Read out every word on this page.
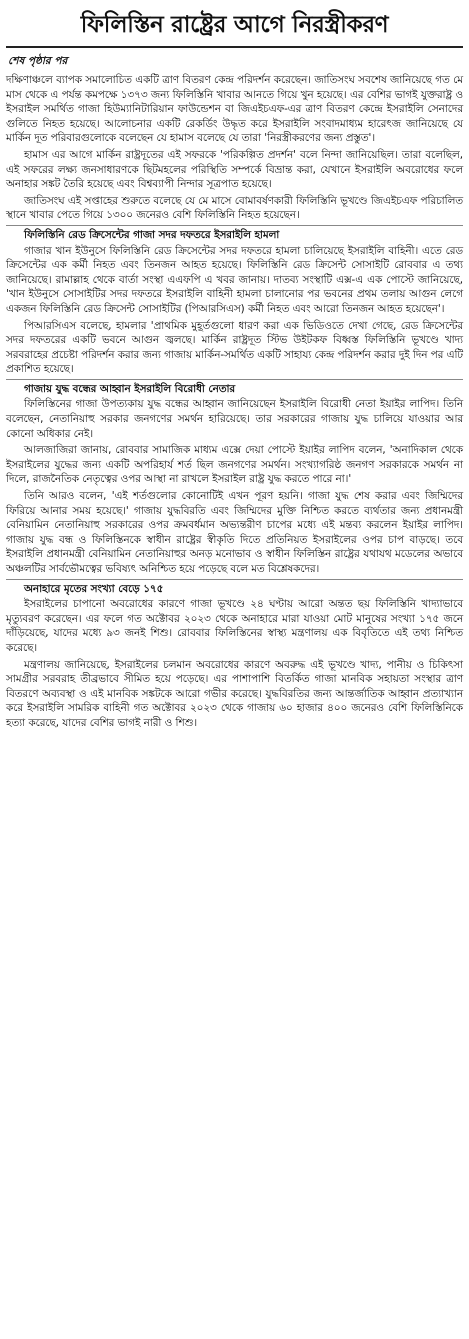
ফিলিস্তিন রাষ্ট্রের আগে নিরস্ত্রীকরণ
শেষ পৃষ্ঠার পর

দক্ষিণাঞ্চলে ব্যাপক সমালোচিত একটি ত্রাণ বিতরণ কেন্দ্র পরিদর্শন করেছেন। জাতিসংঘ সবশেষ জানিয়েছে গত মে মাস থেকে এ পর্যন্ত কমপক্ষে ১৩৭৩ জন্য ফিলিস্তিনি খাবার আনতে গিয়ে খুন হয়েছে। এর বেশির ভাগই যুক্তরাষ্ট্র ও ইসরাইল সমর্থিত গাজা হিউম্যানিটারিয়ান ফাউন্ডেশন বা জিএইচএফ-এর ত্রাণ বিতরণ কেন্দ্রে ইসরাইলি সেনাদের গুলিতে নিহত হয়েছে। আলোচনার একটি রেকর্ডিং উদ্ধৃত করে ইসরাইলি সংবাদমাধ্যম হারেৎজ জানিয়েছে যে মার্কিন দূত পরিবারগুলোকে বলেছেন যে হামাস বলেছে যে তারা 'নিরস্ত্রীকরণের জন্য প্রস্তুত'।

হামাস এর আগে মার্কিন রাষ্ট্রদূতের এই সফরকে 'পরিকল্পিত প্রদর্শন' বলে নিন্দা জানিয়েছিল। তারা বলেছিল, এই সফরের লক্ষ্য জনসাধারণকে ছিটমহলের পরিস্থিতি সম্পর্কে বিভ্রান্ত করা, যেখানে ইসরাইলি অবরোধের ফলে অনাহার সঙ্কট তৈরি হয়েছে এবং বিশ্বব্যাপী নিন্দার সূত্রপাত হয়েছে।

জাতিসংঘ এই সপ্তাহের শুরুতে বলেছে যে মে মাসে বোমাবর্ষণকারী ফিলিস্তিনি ভূখণ্ডে জিএইচএফ পরিচালিত স্থানে খাবার পেতে গিয়ে ১৩০০ জনেরও বেশি ফিলিস্তিনি নিহত হয়েছেন।

ফিলিস্তিনি রেড ক্রিসেন্টের গাজা সদর দফতরে ইসরাইলি হামলা

গাজার খান ইউনুসে ফিলিস্তিনি রেড ক্রিসেন্টের সদর দফতরে হামলা চালিয়েছে ইসরাইলি বাহিনী। এতে রেড ক্রিসেন্টের এক কর্মী নিহত এবং তিনজন আহত হয়েছে। ফিলিস্তিনি রেড ক্রিসেন্ট সোসাইটি রোববার এ তথ্য জানিয়েছে। রামাল্লাহ থেকে বার্তা সংস্থা এএফপি এ খবর জানায়। দাতব্য সংস্থাটি এক্স-এ এক পোস্টে জানিয়েছে, 'খান ইউনুসে সোসাইটির সদর দফতরে ইসরাইলি বাহিনী হামলা চালানোর পর ভবনের প্রথম তলায় আগুন লেগে একজন ফিলিস্তিনি রেড ক্রিসেন্ট সোসাইটির (পিআরসিএস) কর্মী নিহত এবং আরো তিনজন আহত হয়েছেন'।

পিআরসিএস বলেছে, হামলার 'প্রাথমিক মুহূর্তগুলো ধারণ করা এক ভিডিওতে দেখা গেছে, রেড ক্রিসেন্টের সদর দফতরের একটি ভবনে আগুন জ্বলছে। মার্কিন রাষ্ট্রদূত স্টিভ উইটকফ বিধ্বস্ত ফিলিস্তিনি ভূখণ্ডে খাদ্য সরবরাহের প্রচেষ্টা পরিদর্শন করার জন্য গাজায় মার্কিন-সমর্থিত একটি সাহায্য কেন্দ্র পরিদর্শন করার দুই দিন পর এটি প্রকাশিত হয়েছে।

গাজায় যুদ্ধ বন্ধের আহ্বান ইসরাইলি বিরোধী নেতার

ফিলিস্তিনের গাজা উপত্যকায় যুদ্ধ বন্ধের আহ্বান জানিয়েছেন ইসরাইলি বিরোধী নেতা ইয়াইর লাপিদ। তিনি বলেছেন, নেতানিয়াহু সরকার জনগণের সমর্থন হারিয়েছে। তার সরকারের গাজায় যুদ্ধ চালিয়ে যাওয়ার আর কোনো অধিকার নেই।

আলজাজিরা জানায়, রোববার সামাজিক মাধ্যম এক্সে দেয়া পোস্টে ইয়াইর লাপিদ বলেন, 'অনাদিকাল থেকে ইসরাইলের যুদ্ধের জন্য একটি অপরিহার্য শর্ত ছিল জনগণের সমর্থন। সংখ্যাগরিষ্ঠ জনগণ সরকারকে সমর্থন না দিলে, রাজনৈতিক নেতৃত্বের ওপর আস্থা না রাখলে ইসরাইল রাষ্ট্র যুদ্ধ করতে পারে না।'

তিনি আরও বলেন, 'এই শর্তগুলোর কোনোটিই এখন পূরণ হয়নি। গাজা যুদ্ধ শেষ করার এবং জিম্মিদের ফিরিয়ে আনার সময় হয়েছে।' গাজায় যুদ্ধবিরতি এবং জিম্মিদের মুক্তি নিশ্চিত করতে ব্যর্থতার জন্য প্রধানমন্ত্রী বেনিয়ামিন নেতানিয়াহু সরকারের ওপর ক্রমবর্ধমান অভ্যন্তরীণ চাপের মধ্যে এই মন্তব্য করলেন ইয়াইর লাপিদ। গাজায় যুদ্ধ বন্ধ ও ফিলিস্তিনকে স্বাধীন রাষ্ট্রের স্বীকৃতি দিতে প্রতিনিয়ত ইসরাইলের ওপর চাপ বাড়ছে। তবে ইসরাইলি প্রধানমন্ত্রী বেনিয়ামিন নেতানিয়াহুর অনড় মনোভাব ও স্বাধীন ফিলিস্তিন রাষ্ট্রের যথাযথ মডেলের অভাবে অঞ্চলটির সার্বভৌমত্বের ভবিষ্যৎ অনিশ্চিত হয়ে পড়েছে বলে মত বিশ্লেষকদের।

অনাহারে মৃতের সংখ্যা বেড়ে ১৭৫

ইসরাইলের চাপানো অবরোধের কারণে গাজা ভূখণ্ডে ২৪ ঘণ্টায় আরো অন্তত ছয় ফিলিস্তিনি খাদ্যাভাবে মৃত্যুবরণ করেছেন। এর ফলে গত অক্টোবর ২০২৩ থেকে অনাহারে মারা যাওয়া মোট মানুষের সংখ্যা ১৭৫ জনে দাঁড়িয়েছে, যাদের মধ্যে ৯৩ জনই শিশু। রোববার ফিলিস্তিনের স্বাস্থ্য মন্ত্রণালয় এক বিবৃতিতে এই তথ্য নিশ্চিত করেছে।

মন্ত্রণালয় জানিয়েছে, ইসরাইলের চলমান অবরোধের কারণে অবরুদ্ধ এই ভূখণ্ডে খাদ্য, পানীয় ও চিকিৎসা সামগ্রীর সরবরাহ তীব্রভাবে সীমিত হয়ে পড়েছে। এর পাশাপাশি বিতর্কিত গাজা মানবিক সহায়তা সংস্থার ত্রাণ বিতরণে অব্যবস্থা ও এই মানবিক সঙ্কটকে আরো গভীর করেছে। যুদ্ধবিরতির জন্য আন্তর্জাতিক আহ্বান প্রত্যাখ্যান করে ইসরাইলি সামরিক বাহিনী গত অক্টোবর ২০২৩ থেকে গাজায় ৬০ হাজার ৪০০ জনেরও বেশি ফিলিস্তিনিকে হত্যা করেছে, যাদের বেশির ভাগই নারী ও শিশু।
